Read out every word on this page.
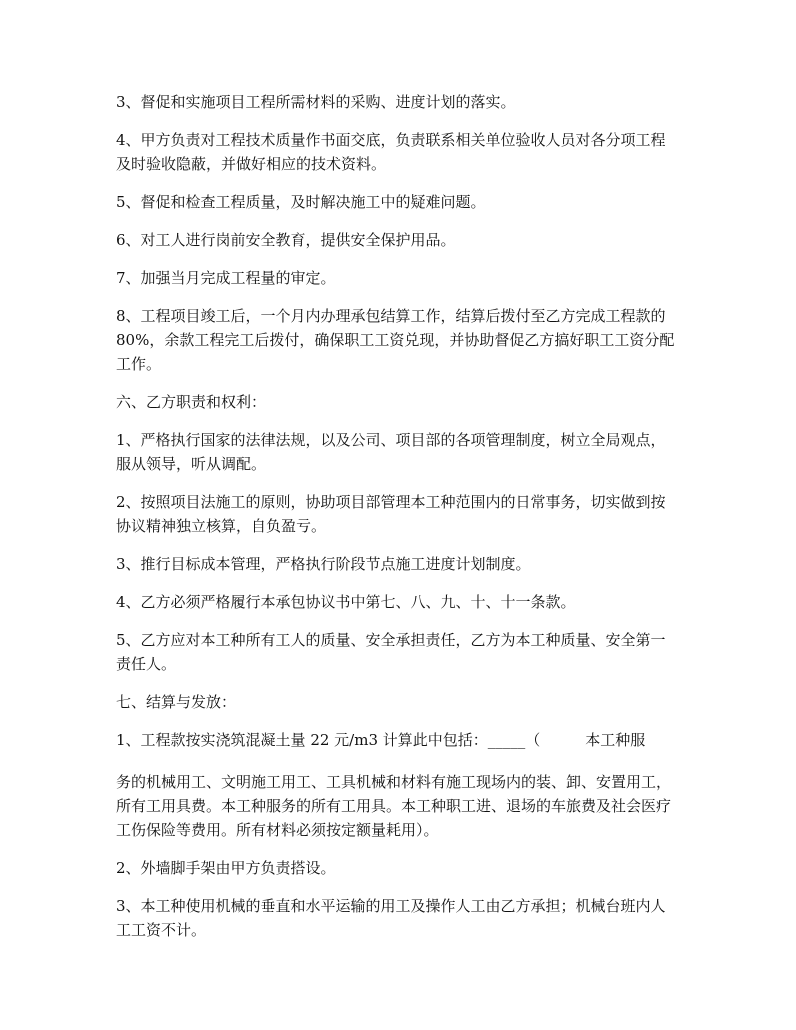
3、督促和实施项目工程所需材料的采购、进度计划的落实。

4、甲方负责对工程技术质量作书面交底，负责联系相关单位验收人员对各分项工程及时验收隐蔽，并做好相应的技术资料。

5、督促和检查工程质量，及时解决施工中的疑难问题。

6、对工人进行岗前安全教育，提供安全保护用品。

7、加强当月完成工程量的审定。

8、工程项目竣工后，一个月内办理承包结算工作，结算后拨付至乙方完成工程款的 80%，余款工程完工后拨付，确保职工工资兑现，并协助督促乙方搞好职工工资分配工作。

六、乙方职责和权利：

1、严格执行国家的法律法规，以及公司、项目部的各项管理制度，树立全局观点，服从领导，听从调配。

2、按照项目法施工的原则，协助项目部管理本工种范围内的日常事务，切实做到按协议精神独立核算，自负盈亏。

3、推行目标成本管理，严格执行阶段节点施工进度计划制度。

4、乙方必须严格履行本承包协议书中第七、八、九、十、十一条款。

5、乙方应对本工种所有工人的质量、安全承担责任，乙方为本工种质量、安全第一责任人。

七、结算与发放：

1、工程款按实浇筑混凝土量 22 元/m3 计算此中包括：_____（　　　本工种服

务的机械用工、文明施工用工、工具机械和材料有施工现场内的装、卸、安置用工，所有工用具费。本工种服务的所有工用具。本工种职工进、退场的车旅费及社会医疗工伤保险等费用。所有材料必须按定额量耗用）。

2、外墙脚手架由甲方负责搭设。

3、本工种使用机械的垂直和水平运输的用工及操作人工由乙方承担；机械台班内人工工资不计。
